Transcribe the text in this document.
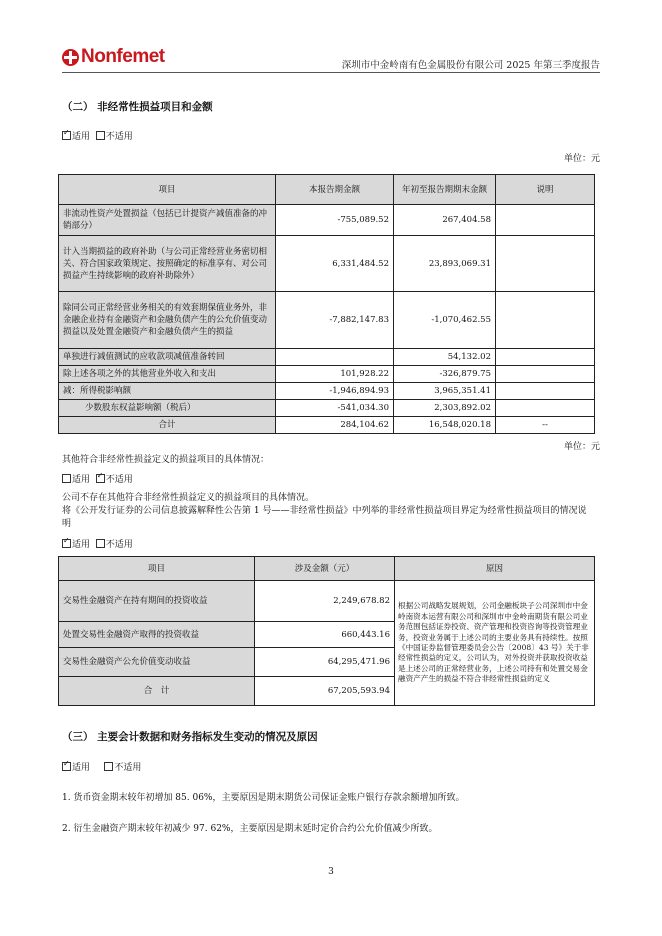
Nonfemet	深圳市中金岭南有色金属股份有限公司 2025 年第三季度报告
（二） 非经常性损益项目和金额
✓适用 不适用
单位：元
项目	本报告期金额	年初至报告期期末金额	说明
非流动性资产处置损益（包括已计提资产减值准备的冲销部分）	-755,089.52	267,404.58	
计入当期损益的政府补助（与公司正常经营业务密切相关、符合国家政策规定、按照确定的标准享有、对公司损益产生持续影响的政府补助除外）	6,331,484.52	23,893,069.31	
除同公司正常经营业务相关的有效套期保值业务外，非金融企业持有金融资产和金融负债产生的公允价值变动损益以及处置金融资产和金融负债产生的损益	-7,882,147.83	-1,070,462.55	
单独进行减值测试的应收款项减值准备转回		54,132.02	
除上述各项之外的其他营业外收入和支出	101,928.22	-326,879.75	
减：所得税影响额	-1,946,894.93	3,965,351.41	
少数股东权益影响额（税后）	-541,034.30	2,303,892.02	
合计	284,104.62	16,548,020.18	--
单位：元
其他符合非经常性损益定义的损益项目的具体情况：
适用 ✓ 不适用
公司不存在其他符合非经常性损益定义的损益项目的具体情况。
将《公开发行证券的公司信息披露解释性公告第 1 号——非经常性损益》中列举的非经常性损益项目界定为经常性损益项目的情况说明
✓适用 不适用
项目	涉及金额（元）	原因
交易性金融资产在持有期间的投资收益	2,249,678.82	根据公司战略发展规划，公司金融板块子公司深圳市中金岭南资本运营有限公司和深圳市中金岭南期货有限公司业务范围包括证券投资、资产管理和投资咨询等投资管理业务，投资业务属于上述公司的主要业务具有持续性。按照《中国证券监督管理委员会公告〔2008〕43 号》关于非经常性损益的定义，公司认为，对外投资并获取投资收益是上述公司的正常经营业务，上述公司持有和处置交易金融资产产生的损益不符合非经常性损益的定义
处置交易性金融资产取得的投资收益	660,443.16	
交易性金融资产公允价值变动收益	64,295,471.96	
合　计	67,205,593.94	
（三） 主要会计数据和财务指标发生变动的情况及原因
✓适用	不适用
1. 货币资金期末较年初增加 85. 06%，主要原因是期末期货公司保证金账户银行存款余额增加所致。
2. 衍生金融资产期末较年初减少 97. 62%，主要原因是期末延时定价合约公允价值减少所致。
3
